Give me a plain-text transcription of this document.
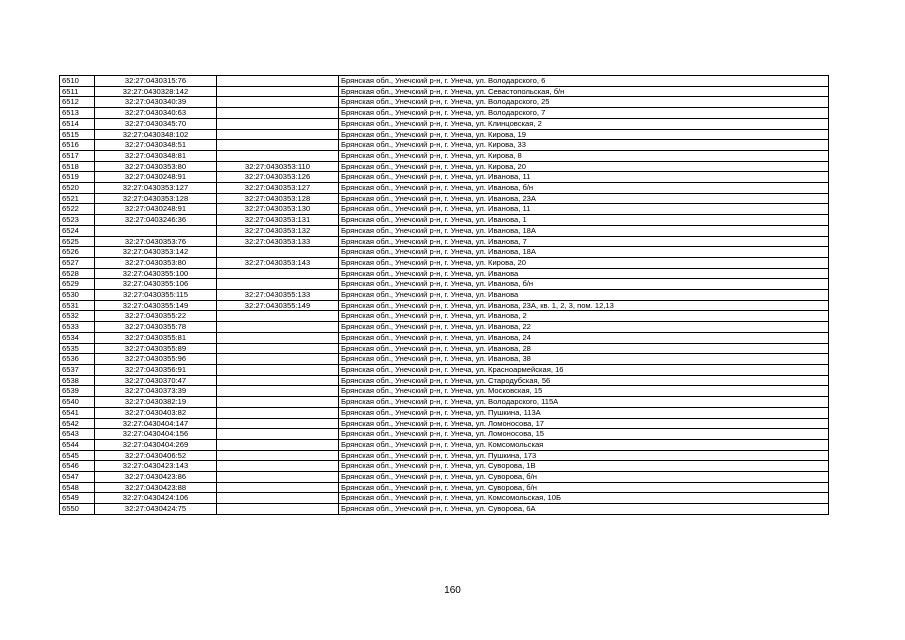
6510	32:27:0430315:76		Брянская обл., Унечский р-н, г. Унеча, ул. Володарского, 6
6511	32:27:0430328:142		Брянская обл., Унечский р-н, г. Унеча, ул. Севастопольская, б/н
6512	32:27:0430340:39		Брянская обл., Унечский р-н, г. Унеча, ул. Володарского, 25
6513	32:27:0430340:63		Брянская обл., Унечский р-н, г. Унеча, ул. Володарского, 7
6514	32:27:0430345:70		Брянская обл., Унечский р-н, г. Унеча, ул. Клинцовская, 2
6515	32:27:0430348:102		Брянская обл., Унечский р-н, г. Унеча, ул. Кирова, 19
6516	32:27:0430348:51		Брянская обл., Унечский р-н, г. Унеча, ул. Кирова, 33
6517	32:27:0430348:81		Брянская обл., Унечский р-н, г. Унеча, ул. Кирова, 8
6518	32:27:0430353:80	32:27:0430353:110	Брянская обл., Унечский р-н, г. Унеча, ул. Кирова, 20
6519	32:27:0430248:91	32:27:0430353:126	Брянская обл., Унечский р-н, г. Унеча, ул. Иванова, 11
6520	32:27:0430353:127	32:27:0430353:127	Брянская обл., Унечский р-н, г. Унеча, ул. Иванова, б/н
6521	32:27:0430353:128	32:27:0430353:128	Брянская обл., Унечский р-н, г. Унеча, ул. Иванова, 23А
6522	32:27:0430248:91	32:27:0430353:130	Брянская обл., Унечский р-н, г. Унеча, ул. Иванова, 11
6523	32:27:0403246:36	32:27:0430353:131	Брянская обл., Унечский р-н, г. Унеча, ул. Иванова, 1
6524		32:27:0430353:132	Брянская обл., Унечский р-н, г. Унеча, ул. Иванова, 18А
6525	32:27:0430353:76	32:27:0430353:133	Брянская обл., Унечский р-н, г. Унеча, ул. Иванова, 7
6526	32:27:0430353:142		Брянская обл., Унечский р-н, г. Унеча, ул. Иванова, 18А
6527	32:27:0430353:80	32:27:0430353:143	Брянская обл., Унечский р-н, г. Унеча, ул. Кирова, 20
6528	32:27:0430355:100		Брянская обл., Унечский р-н, г. Унеча, ул. Иванова
6529	32:27:0430355:106		Брянская обл., Унечский р-н, г. Унеча, ул. Иванова, б/н
6530	32:27:0430355:115	32:27:0430355:133	Брянская обл., Унечский р-н, г. Унеча, ул. Иванова
6531	32:27:0430355:149	32:27:0430355:149	Брянская обл., Унечский р-н, г. Унеча, ул. Иванова, 23А, кв. 1, 2, 3, пом. 12,13
6532	32:27:0430355:22		Брянская обл., Унечский р-н, г. Унеча, ул. Иванова, 2
6533	32:27:0430355:78		Брянская обл., Унечский р-н, г. Унеча, ул. Иванова, 22
6534	32:27:0430355:81		Брянская обл., Унечский р-н, г. Унеча, ул. Иванова, 24
6535	32:27:0430355:89		Брянская обл., Унечский р-н, г. Унеча, ул. Иванова, 28
6536	32:27:0430355:96		Брянская обл., Унечский р-н, г. Унеча, ул. Иванова, 38
6537	32:27:0430356:91		Брянская обл., Унечский р-н, г. Унеча, ул. Красноармейская, 16
6538	32:27:0430370:47		Брянская обл., Унечский р-н, г. Унеча, ул. Стародубская, 56
6539	32:27:0430373:39		Брянская обл., Унечский р-н, г. Унеча, ул. Московская, 15
6540	32:27:0430382:19		Брянская обл., Унечский р-н, г. Унеча, ул. Володарского, 115А
6541	32:27:0430403:82		Брянская обл., Унечский р-н, г. Унеча, ул. Пушкина, 113А
6542	32:27:0430404:147		Брянская обл., Унечский р-н, г. Унеча, ул. Ломоносова, 17
6543	32:27:0430404:156		Брянская обл., Унечский р-н, г. Унеча, ул. Ломоносова, 15
6544	32:27:0430404:269		Брянская обл., Унечский р-н, г. Унеча, ул. Комсомольская
6545	32:27:0430406:52		Брянская обл., Унечский р-н, г. Унеча, ул. Пушкина, 173
6546	32:27:0430423:143		Брянская обл., Унечский р-н, г. Унеча, ул. Суворова, 1В
6547	32:27:0430423:86		Брянская обл., Унечский р-н, г. Унеча, ул. Суворова, б/н
6548	32:27:0430423:88		Брянская обл., Унечский р-н, г. Унеча, ул. Суворова, б/н
6549	32:27:0430424:106		Брянская обл., Унечский р-н, г. Унеча, ул. Комсомольская, 10Б
6550	32:27:0430424:75		Брянская обл., Унечский р-н, г. Унеча, ул. Суворова, 6А
160
